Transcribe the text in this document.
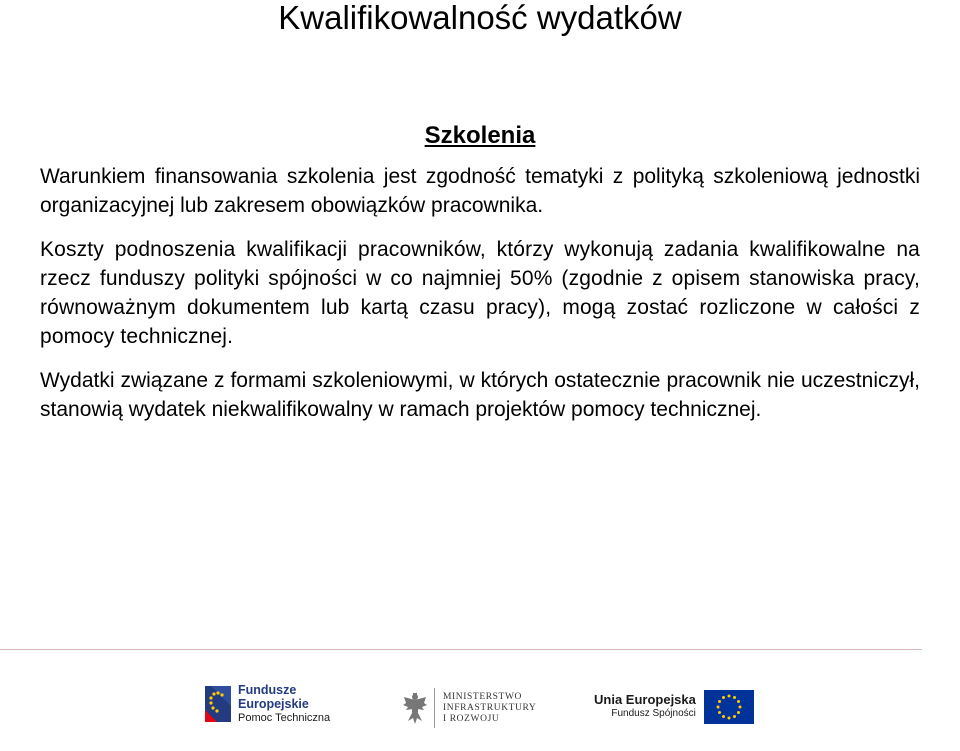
Kwalifikowalność wydatków
Szkolenia

Warunkiem finansowania szkolenia jest zgodność tematyki z polityką szkoleniową jednostki organizacyjnej lub zakresem obowiązków pracownika.

Koszty podnoszenia kwalifikacji pracowników, którzy wykonują zadania kwalifikowalne na rzecz funduszy polityki spójności w co najmniej 50% (zgodnie z opisem stanowiska pracy, równoważnym dokumentem lub kartą czasu pracy), mogą zostać rozliczone w całości z pomocy technicznej.

Wydatki związane z formami szkoleniowymi, w których ostatecznie pracownik nie uczestniczył, stanowią wydatek niekwalifikowalny w ramach projektów pomocy technicznej.

Fundusze
Europejskie
Pomoc Techniczna
MINISTERSTWO
INFRASTRUKTURY
I ROZWOJU
Unia Europejska
Fundusz Spójności
